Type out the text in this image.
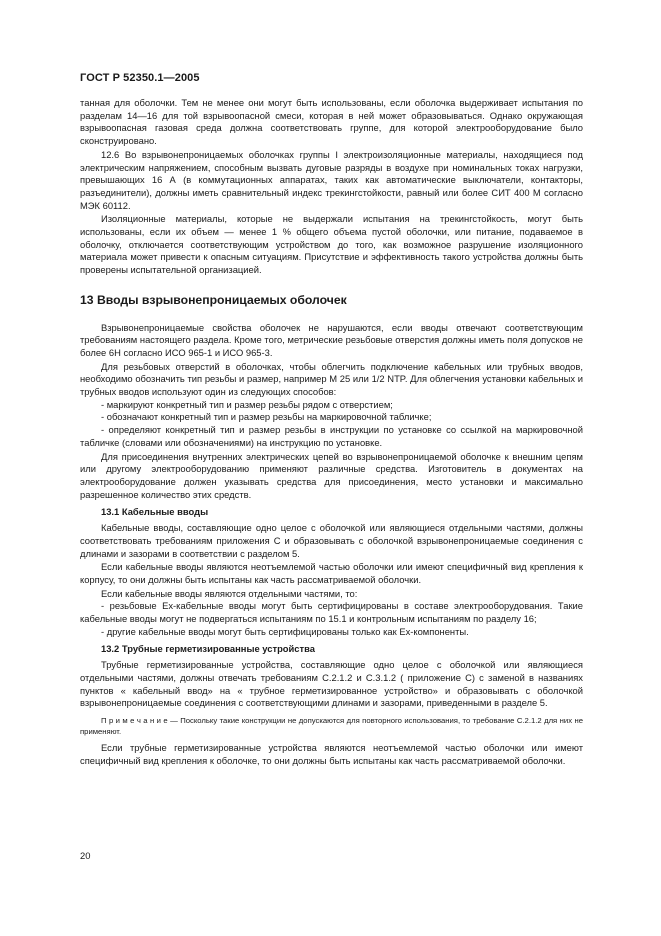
ГОСТ Р 52350.1—2005

танная для оболочки. Тем не менее они могут быть использованы, если оболочка выдерживает испытания по разделам 14—16 для той взрывоопасной смеси, которая в ней может образовываться. Однако окружающая взрывоопасная газовая среда должна соответствовать группе, для которой электрооборудование было сконструировано.

12.6 Во взрывонепроницаемых оболочках группы I электроизоляционные материалы, находящиеся под электрическим напряжением, способным вызвать дуговые разряды в воздухе при номинальных токах нагрузки, превышающих 16 А (в коммутационных аппаратах, таких как автоматические выключатели, контакторы, разъединители), должны иметь сравнительный индекс трекингстойкости, равный или более СИТ 400 М согласно МЭК 60112.

Изоляционные материалы, которые не выдержали испытания на трекингстойкость, могут быть использованы, если их объем — менее 1 % общего объема пустой оболочки, или питание, подаваемое в оболочку, отключается соответствующим устройством до того, как возможное разрушение изоляционного материала может привести к опасным ситуациям. Присутствие и эффективность такого устройства должны быть проверены испытательной организацией.

13 Вводы взрывонепроницаемых оболочек

Взрывонепроницаемые свойства оболочек не нарушаются, если вводы отвечают соответствующим требованиям настоящего раздела. Кроме того, метрические резьбовые отверстия должны иметь поля допусков не более 6Н согласно ИСО 965-1 и ИСО 965-3.

Для резьбовых отверстий в оболочках, чтобы облегчить подключение кабельных или трубных вводов, необходимо обозначить тип резьбы и размер, например М 25 или 1/2 NTP. Для облегчения установки кабельных и трубных вводов используют один из следующих способов:

- маркируют конкретный тип и размер резьбы рядом с отверстием;

- обозначают конкретный тип и размер резьбы на маркировочной табличке;

- определяют конкретный тип и размер резьбы в инструкции по установке со ссылкой на маркировочной табличке (словами или обозначениями) на инструкцию по установке.

Для присоединения внутренних электрических цепей во взрывонепроницаемой оболочке к внешним цепям или другому электрооборудованию применяют различные средства. Изготовитель в документах на электрооборудование должен указывать средства для присоединения, место установки и максимально разрешенное количество этих средств.

13.1 Кабельные вводы

Кабельные вводы, составляющие одно целое с оболочкой или являющиеся отдельными частями, должны соответствовать требованиям приложения С и образовывать с оболочкой взрывонепроницаемые соединения с длинами и зазорами в соответствии с разделом 5.

Если кабельные вводы являются неотъемлемой частью оболочки или имеют специфичный вид крепления к корпусу, то они должны быть испытаны как часть рассматриваемой оболочки.

Если кабельные вводы являются отдельными частями, то:

- резьбовые Ех-кабельные вводы могут быть сертифицированы в составе электрооборудования. Такие кабельные вводы могут не подвергаться испытаниям по 15.1 и контрольным испытаниям по разделу 16;

- другие кабельные вводы могут быть сертифицированы только как Ех-компоненты.

13.2 Трубные герметизированные устройства

Трубные герметизированные устройства, составляющие одно целое с оболочкой или являющиеся отдельными частями, должны отвечать требованиям С.2.1.2 и С.3.1.2 ( приложение С) с заменой в названиях пунктов « кабельный ввод» на « трубное герметизированное устройство» и образовывать с оболочкой взрывонепроницаемые соединения с соответствующими длинами и зазорами, приведенными в разделе 5.

П р и м е ч а н и е — Поскольку такие конструкции не допускаются для повторного использования, то требование С.2.1.2 для них не применяют.

Если трубные герметизированные устройства являются неотъемлемой частью оболочки или имеют специфичный вид крепления к оболочке, то они должны быть испытаны как часть рассматриваемой оболочки.

20
